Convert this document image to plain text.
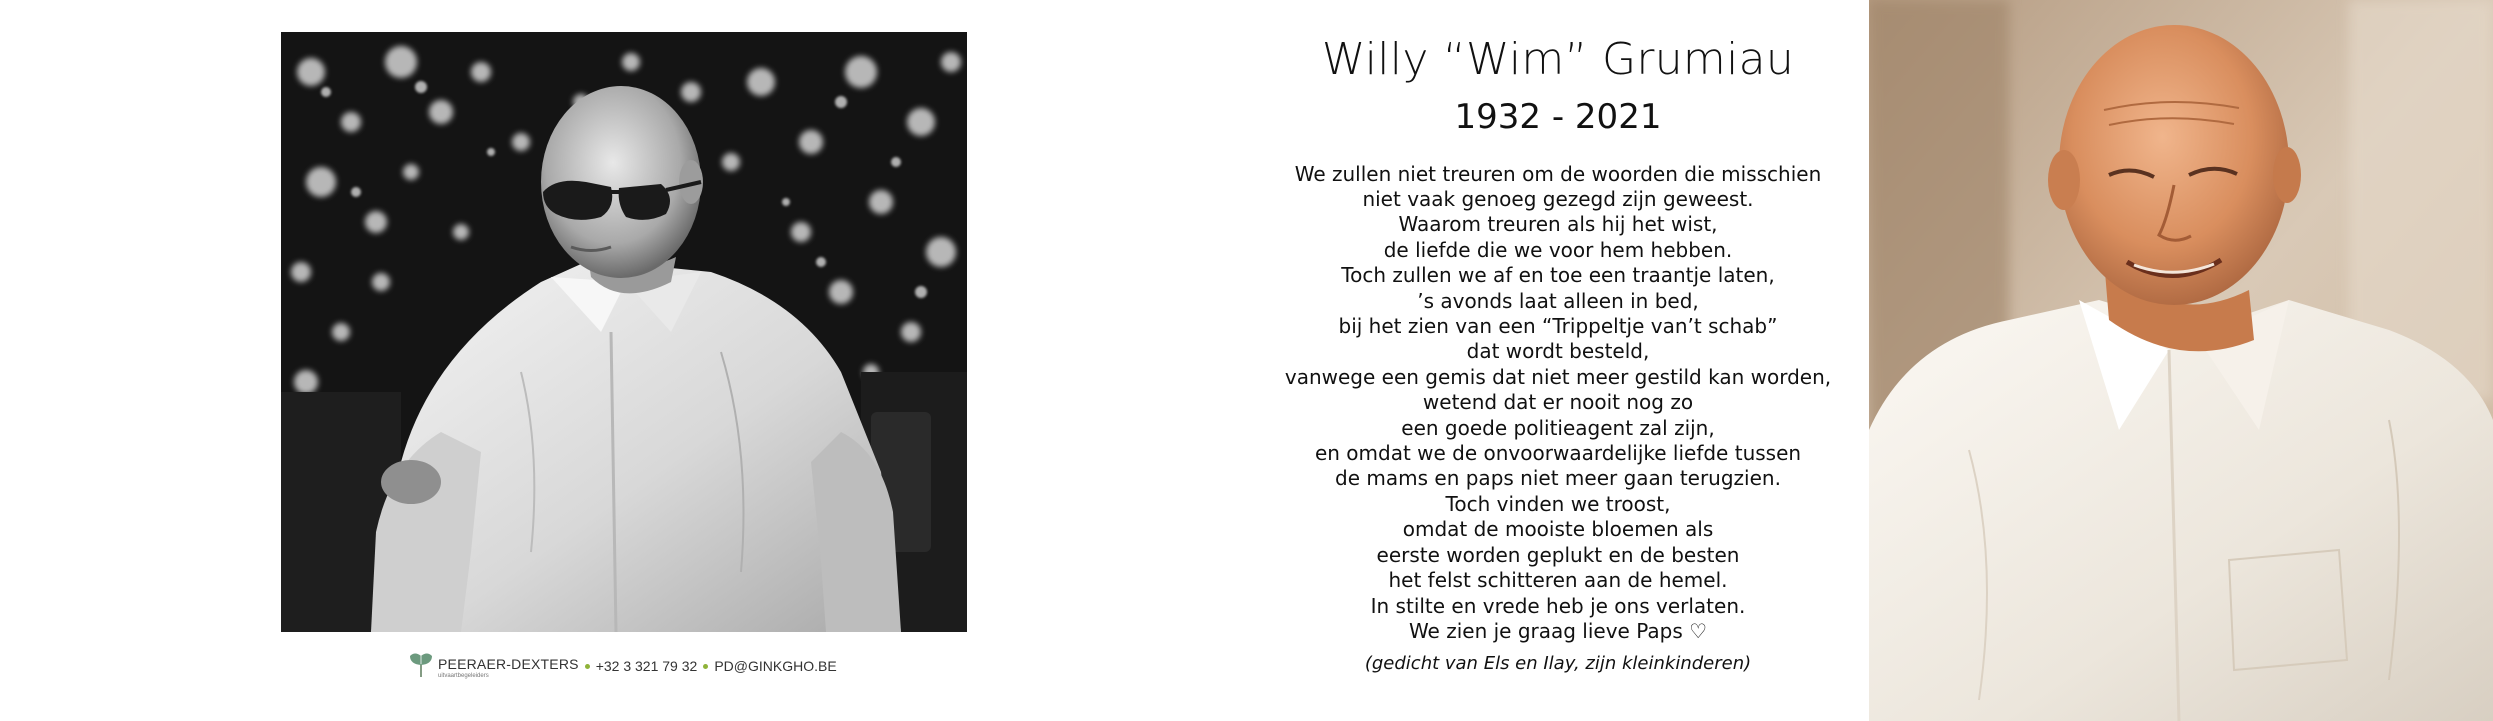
PEERAER-DEXTERS
uitvaartbegeleiders
+32 3 321 79 32 PD@GINKGHO.BE
Willy “Wim” Grumiau
1932 - 2021
We zullen niet treuren om de woorden die misschien
niet vaak genoeg gezegd zijn geweest.
Waarom treuren als hij het wist,
de liefde die we voor hem hebben.
Toch zullen we af en toe een traantje laten,
’s avonds laat alleen in bed,
bij het zien van een “Trippeltje van’t schab”
dat wordt besteld,
vanwege een gemis dat niet meer gestild kan worden,
wetend dat er nooit nog zo
een goede politieagent zal zijn,
en omdat we de onvoorwaardelijke liefde tussen
de mams en paps niet meer gaan terugzien.
Toch vinden we troost,
omdat de mooiste bloemen als
eerste worden geplukt en de besten
het felst schitteren aan de hemel.
In stilte en vrede heb je ons verlaten.
We zien je graag lieve Paps ♡
(gedicht van Els en Ilay, zijn kleinkinderen)
